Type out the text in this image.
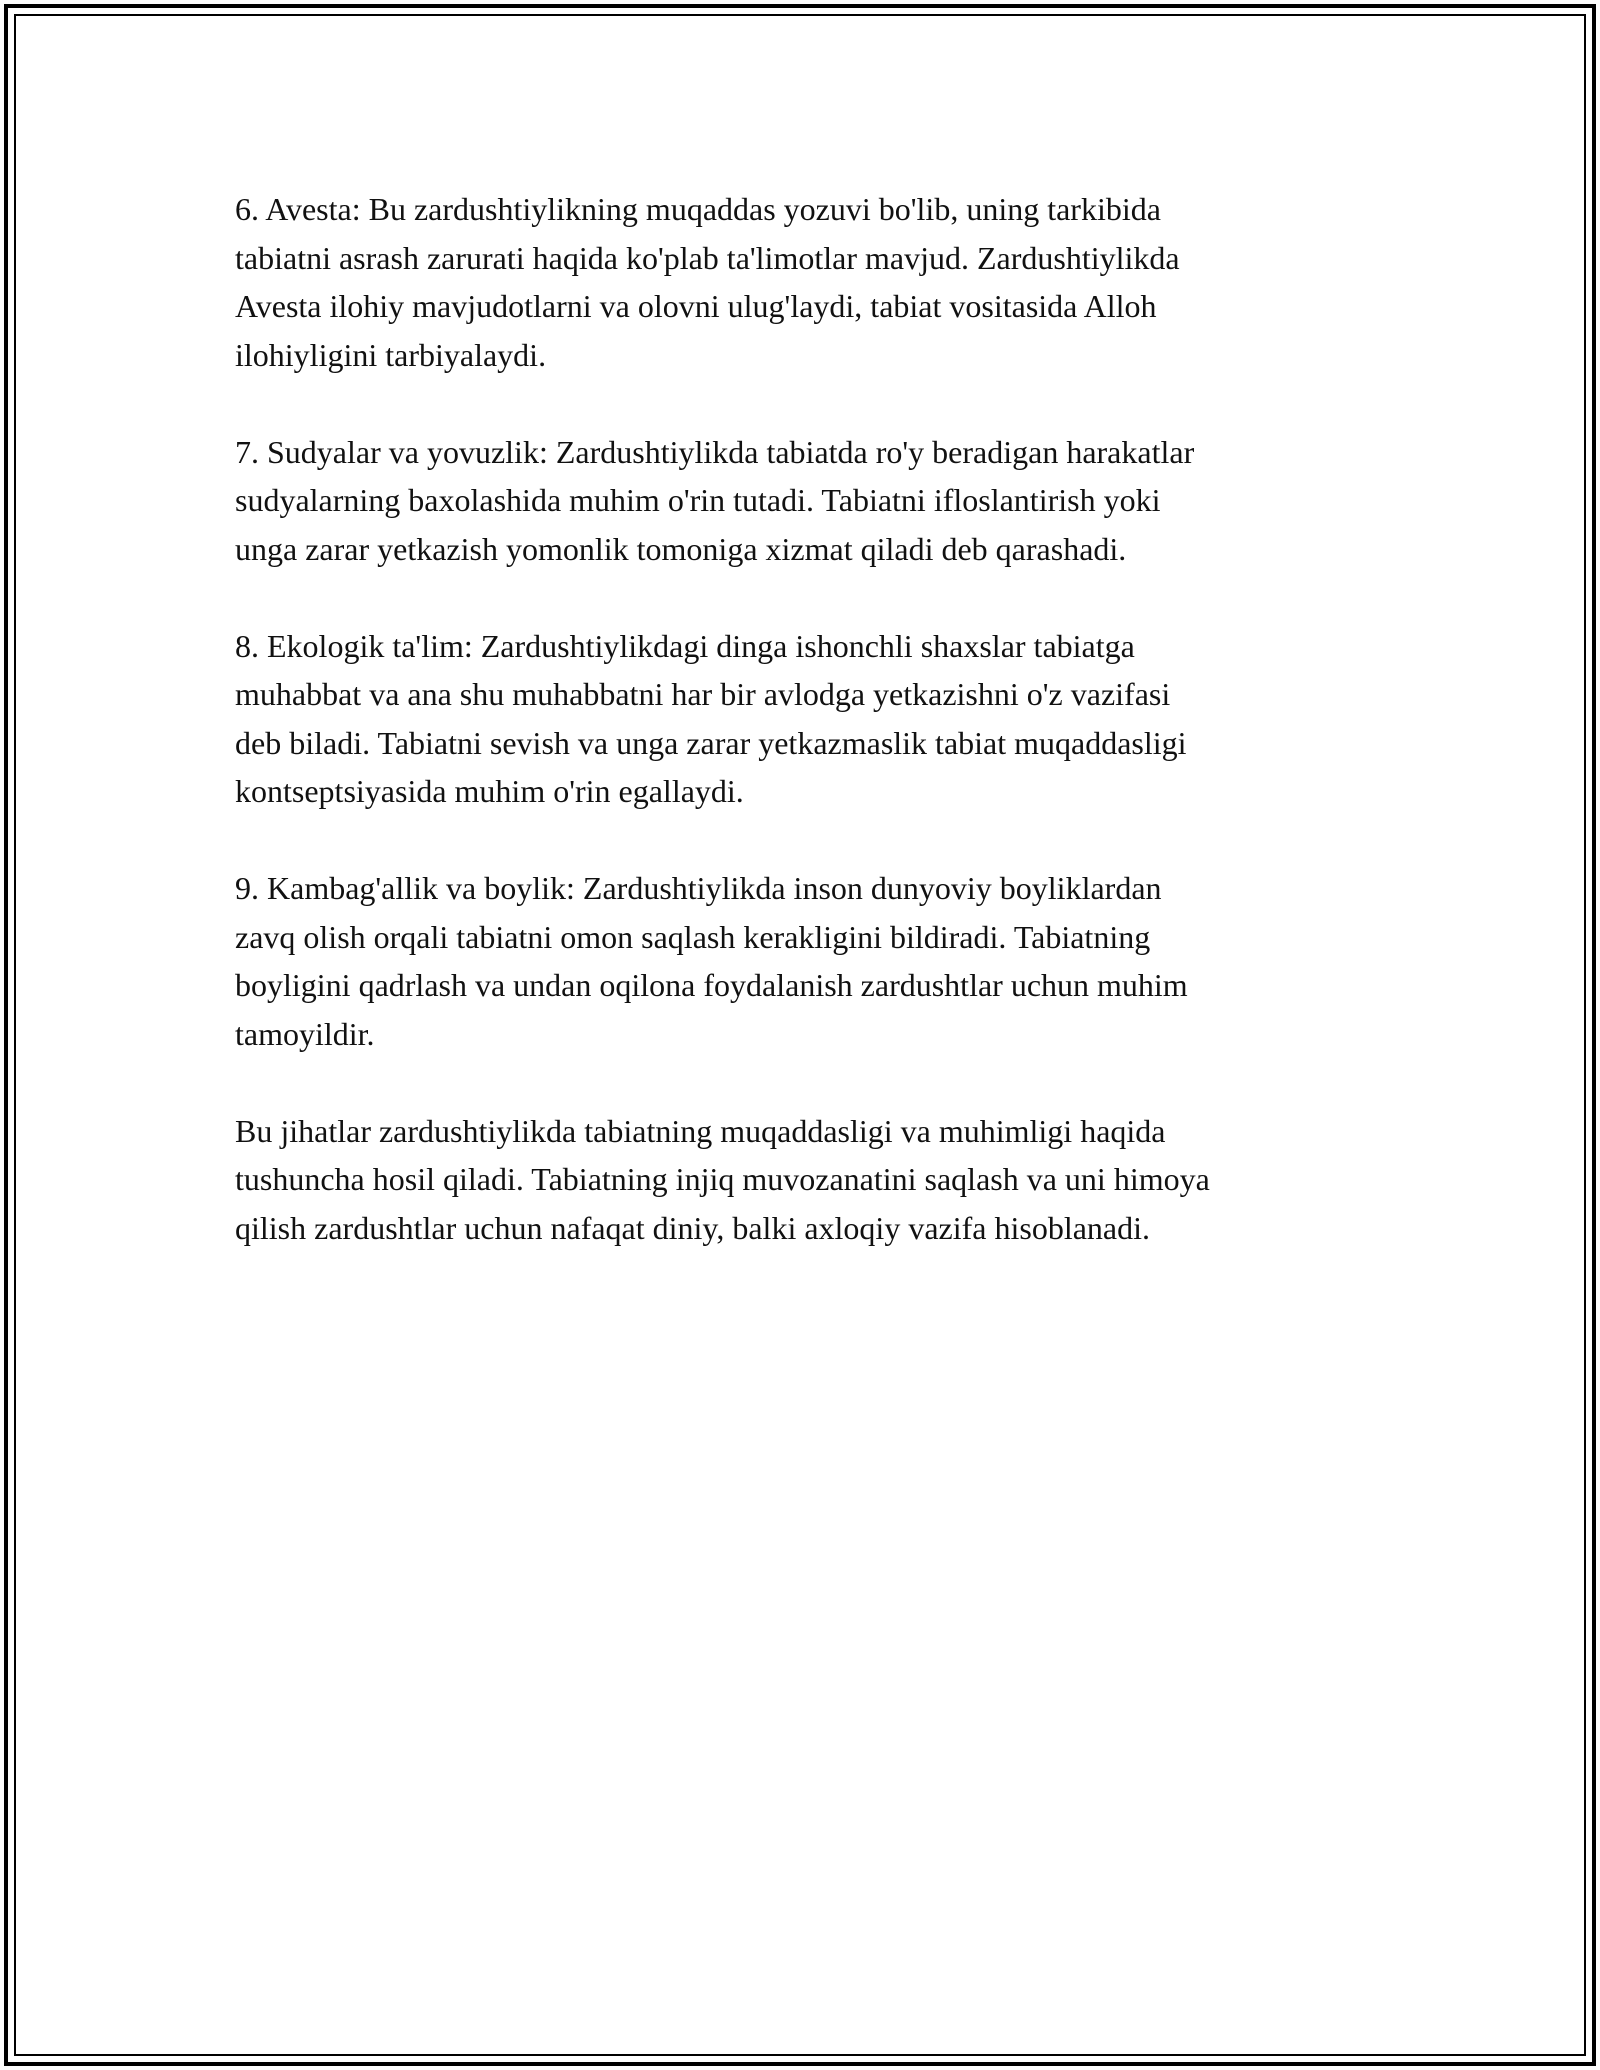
6. Avesta: Bu zardushtiylikning muqaddas yozuvi bo'lib, uning tarkibida
tabiatni asrash zarurati haqida ko'plab ta'limotlar mavjud. Zardushtiylikda
Avesta ilohiy mavjudotlarni va olovni ulug'laydi, tabiat vositasida Alloh
ilohiyligini tarbiyalaydi.

7. Sudyalar va yovuzlik: Zardushtiylikda tabiatda ro'y beradigan harakatlar
sudyalarning baxolashida muhim o'rin tutadi. Tabiatni ifloslantirish yoki
unga zarar yetkazish yomonlik tomoniga xizmat qiladi deb qarashadi.

8. Ekologik ta'lim: Zardushtiylikdagi dinga ishonchli shaxslar tabiatga
muhabbat va ana shu muhabbatni har bir avlodga yetkazishni o'z vazifasi
deb biladi. Tabiatni sevish va unga zarar yetkazmaslik tabiat muqaddasligi
kontseptsiyasida muhim o'rin egallaydi.

9. Kambag'allik va boylik: Zardushtiylikda inson dunyoviy boyliklardan
zavq olish orqali tabiatni omon saqlash kerakligini bildiradi. Tabiatning
boyligini qadrlash va undan oqilona foydalanish zardushtlar uchun muhim
tamoyildir.

Bu jihatlar zardushtiylikda tabiatning muqaddasligi va muhimligi haqida
tushuncha hosil qiladi. Tabiatning injiq muvozanatini saqlash va uni himoya
qilish zardushtlar uchun nafaqat diniy, balki axloqiy vazifa hisoblanadi.
